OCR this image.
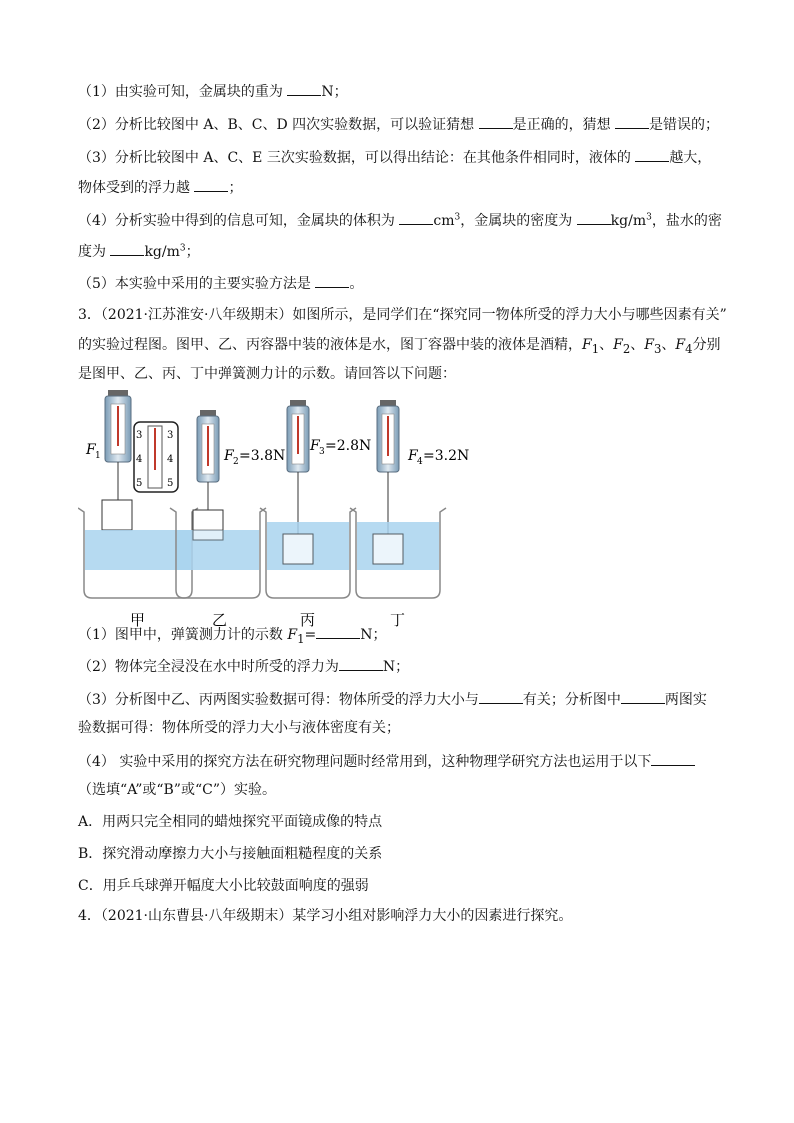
（1）由实验可知，金属块的重为 N；
（2）分析比较图中 A、B、C、D 四次实验数据，可以验证猜想 是正确的，猜想 是错误的；
（3）分析比较图中 A、C、E 三次实验数据，可以得出结论：在其他条件相同时，液体的 越大，
物体受到的浮力越 ；
（4）分析实验中得到的信息可知，金属块的体积为 $cm^3$，金属块的密度为 $kg/m^3$，盐水的密
度为 $kg/m^3$；
（5）本实验中采用的主要实验方法是 。
3．（2021·江苏淮安·八年级期末）如图所示，是同学们在“探究同一物体所受的浮力大小与哪些因素有关”
的实验过程图。图甲、乙、丙容器中装的液体是水，图丁容器中装的液体是酒精，$F_1$、$F_2$、$F_3$、$F_4$分别
是图甲、乙、丙、丁中弹簧测力计的示数。请回答以下问题：
甲
F 1
3
4
5
3
4
5
乙
F 2 =3.8N
丙
F 3 =2.8N
丁
F 4 =3.2N
（1）图甲中，弹簧测力计的示数 $F_1=$	N；
（2）物体完全浸没在水中时所受的浮力为	N；
（3）分析图中乙、丙两图实验数据可得：物体所受的浮力大小与	有关；分析图中	两图实
验数据可得：物体所受的浮力大小与液体密度有关；
（4） 实验中采用的探究方法在研究物理问题时经常用到，这种物理学研究方法也运用于以下
（选填“A”或“B”或“C”）实验。
A．用两只完全相同的蜡烛探究平面镜成像的特点
B．探究滑动摩擦力大小与接触面粗糙程度的关系
C．用乒乓球弹开幅度大小比较鼓面响度的强弱
4．（2021·山东曹县·八年级期末）某学习小组对影响浮力大小的因素进行探究。
